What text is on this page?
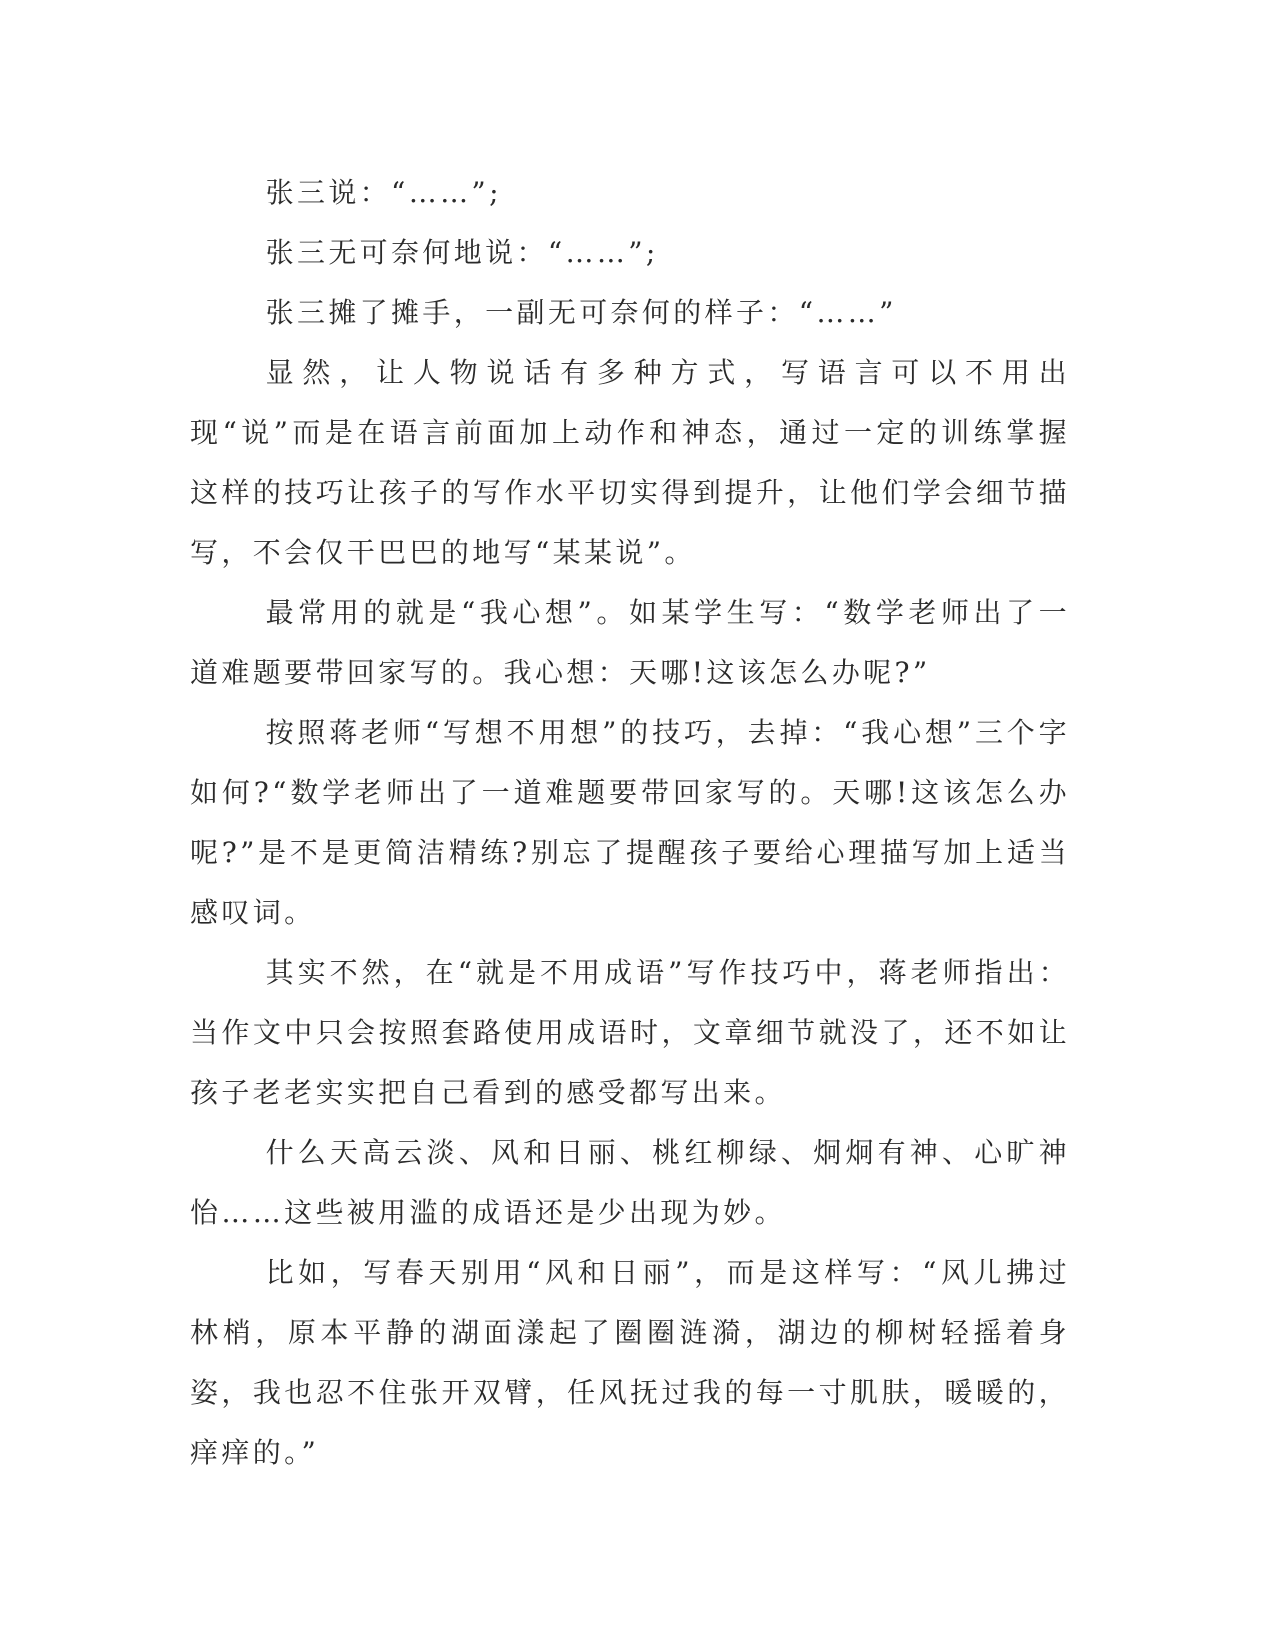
张三说：“……”;

张三无可奈何地说：“……”;

张三摊了摊手，一副无可奈何的样子：“……”

显然，让人物说话有多种方式，写语言可以不用出现“说”而是在语言前面加上动作和神态，通过一定的训练掌握这样的技巧让孩子的写作水平切实得到提升，让他们学会细节描写，不会仅干巴巴的地写“某某说”。

最常用的就是“我心想”。如某学生写：“数学老师出了一道难题要带回家写的。我心想：天哪!这该怎么办呢?”

按照蒋老师“写想不用想”的技巧，去掉：“我心想”三个字如何?“数学老师出了一道难题要带回家写的。天哪!这该怎么办呢?”是不是更简洁精练?别忘了提醒孩子要给心理描写加上适当感叹词。

其实不然，在“就是不用成语”写作技巧中，蒋老师指出：当作文中只会按照套路使用成语时，文章细节就没了，还不如让孩子老老实实把自己看到的感受都写出来。

什么天高云淡、风和日丽、桃红柳绿、炯炯有神、心旷神怡……这些被用滥的成语还是少出现为妙。

比如，写春天别用“风和日丽”，而是这样写：“风儿拂过林梢，原本平静的湖面漾起了圈圈涟漪，湖边的柳树轻摇着身姿，我也忍不住张开双臂，任风抚过我的每一寸肌肤，暖暖的，痒痒的。”
